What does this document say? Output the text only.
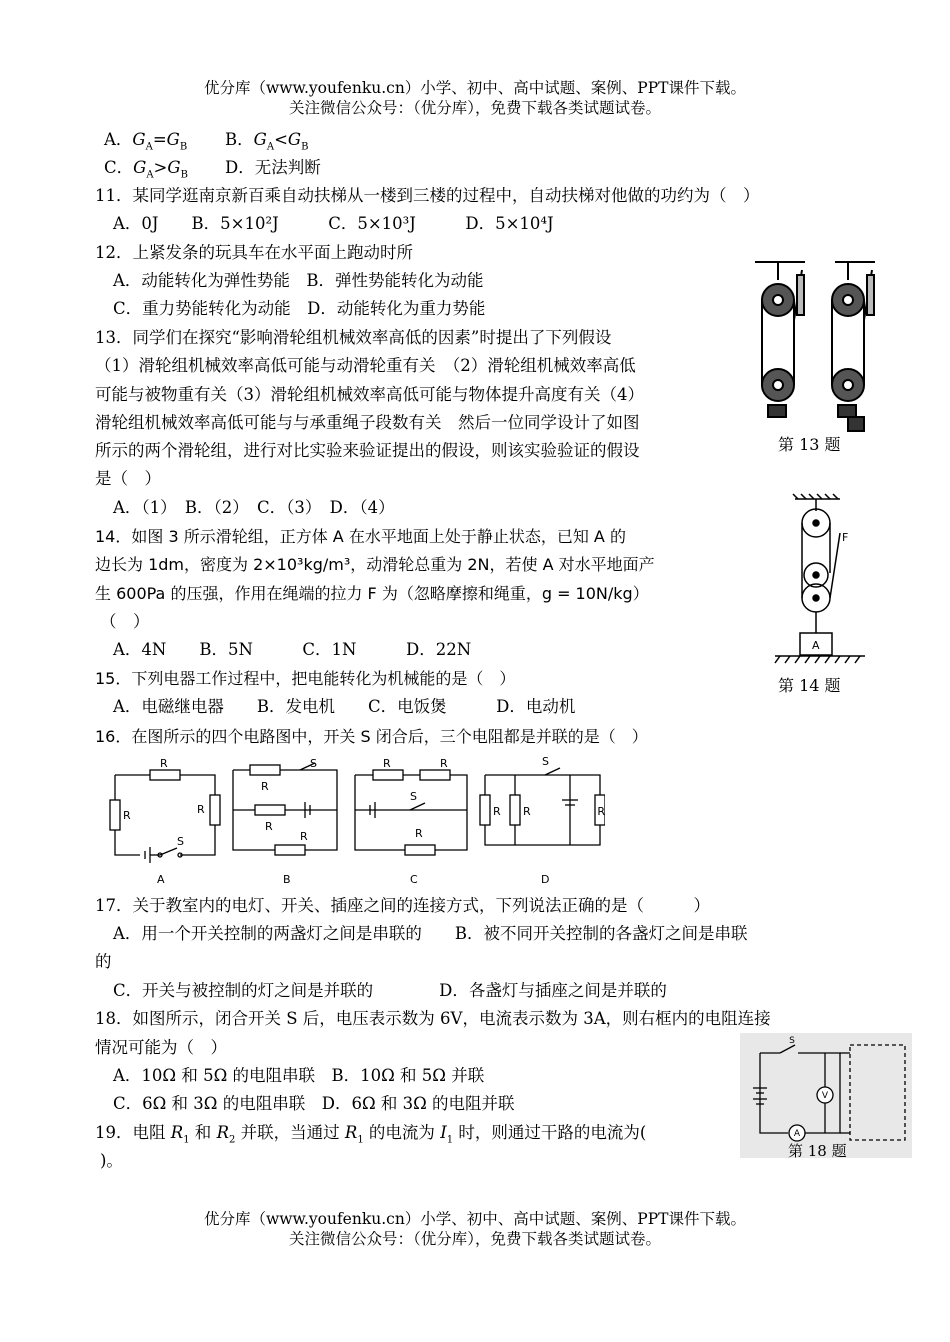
优分库（www.youfenku.cn）小学、初中、高中试题、案例、PPT课件下载。
关注微信公众号：（优分库），免费下载各类试题试卷。
A．$G_A=G_B$ B．$G_A<G_B$
C．$G_A>G_B$ D．无法判断
11．某同学逛南京新百乘自动扶梯从一楼到三楼的过程中，自动扶梯对他做的功约为（　）
A．0J　　B．5×10²J　　　C．5×10³J　　　D．5×10⁴J
12．上紧发条的玩具车在水平面上跑动时所
A．动能转化为弹性势能　B．弹性势能转化为动能
C．重力势能转化为动能　D．动能转化为重力势能
13．同学们在探究“影响滑轮组机械效率高低的因素”时提出了下列假设
（1）滑轮组机械效率高低可能与动滑轮重有关　（2）滑轮组机械效率高低
可能与被物重有关（3）滑轮组机械效率高低可能与物体提升高度有关（4）
滑轮组机械效率高低可能与与承重绳子段数有关　然后一位同学设计了如图
所示的两个滑轮组，进行对比实验来验证提出的假设，则该实验验证的假设
是（　）
A．（1）　B．（2）　C．（3）　D．（4）
第 13 题
14．如图 3 所示滑轮组，正方体 A 在水平地面上处于静止状态，已知 A 的
边长为 1dm，密度为 2×10³kg/m³，动滑轮总重为 2N，若使 A 对水平地面产
生 600Pa 的压强，作用在绳端的拉力 F 为（忽略摩擦和绳重，g = 10N/kg）
（　）
A．4N　　B．5N　　　C．1N　　　D．22N
F
A
第 14 题
15．下列电器工作过程中，把电能转化为机械能的是（　）
A．电磁继电器　　B．发电机　　C．电饭煲　　　D．电动机
16．在图所示的四个电路图中，开关 S 闭合后，三个电阻都是并联的是（　）
R
R	R
S
R
R
R
S	R	R
R
S
R R	R
S
A	B	C	D
17．关于教室内的电灯、开关、插座之间的连接方式，下列说法正确的是（　　　）
A．用一个开关控制的两盏灯之间是串联的　　B．被不同开关控制的各盏灯之间是串联
的
C．开关与被控制的灯之间是并联的　　　　D．各盏灯与插座之间是并联的
18．如图所示，闭合开关 S 后，电压表示数为 6V，电流表示数为 3A，则右框内的电阻连接
情况可能为（　）
A．10Ω 和 5Ω 的电阻串联　B．10Ω 和 5Ω 并联
C．6Ω 和 3Ω 的电阻串联　D．6Ω 和 3Ω 的电阻并联
S
V
A
第 18 题
19．电阻 $R_1$ 和 $R_2$ 并联，当通过 $R_1$ 的电流为 $I_1$ 时，则通过干路的电流为(
)。
优分库（www.youfenku.cn）小学、初中、高中试题、案例、PPT课件下载。
关注微信公众号：（优分库），免费下载各类试题试卷。
